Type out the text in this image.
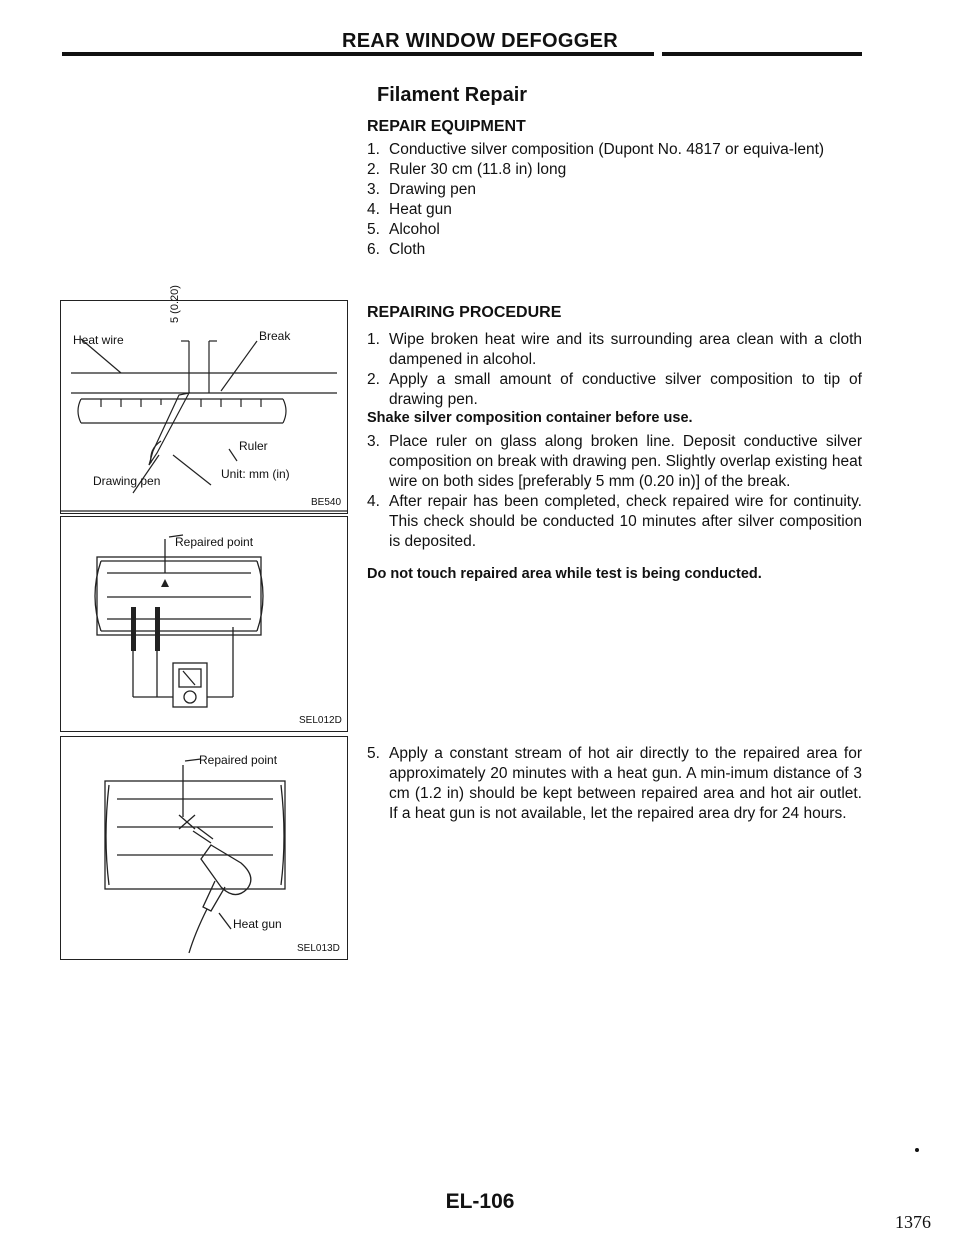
REAR WINDOW DEFOGGER
Filament Repair
REPAIR EQUIPMENT
1. Conductive silver composition (Dupont No. 4817 or equiva-lent)
2. Ruler 30 cm (11.8 in) long
3. Drawing pen
4. Heat gun
5. Alcohol
6. Cloth
REPAIRING PROCEDURE
1. Wipe broken heat wire and its surrounding area clean with a cloth dampened in alcohol.
2. Apply a small amount of conductive silver composition to tip of drawing pen.
Shake silver composition container before use.
3. Place ruler on glass along broken line. Deposit conductive silver composition on break with drawing pen. Slightly overlap existing heat wire on both sides [preferably 5 mm (0.20 in)] of the break.
4. After repair has been completed, check repaired wire for continuity. This check should be conducted 10 minutes after silver composition is deposited.
Do not touch repaired area while test is being conducted.
5. Apply a constant stream of hot air directly to the repaired area for approximately 20 minutes with a heat gun. A min-imum distance of 3 cm (1.2 in) should be kept between repaired area and hot air outlet. If a heat gun is not available, let the repaired area dry for 24 hours.
Heat wire
5 (0.20)
Break
Ruler
Drawing pen	Unit: mm (in)
BE540
Repaired point
SEL012D
Repaired point
Heat gun
SEL013D
EL-106
1376
